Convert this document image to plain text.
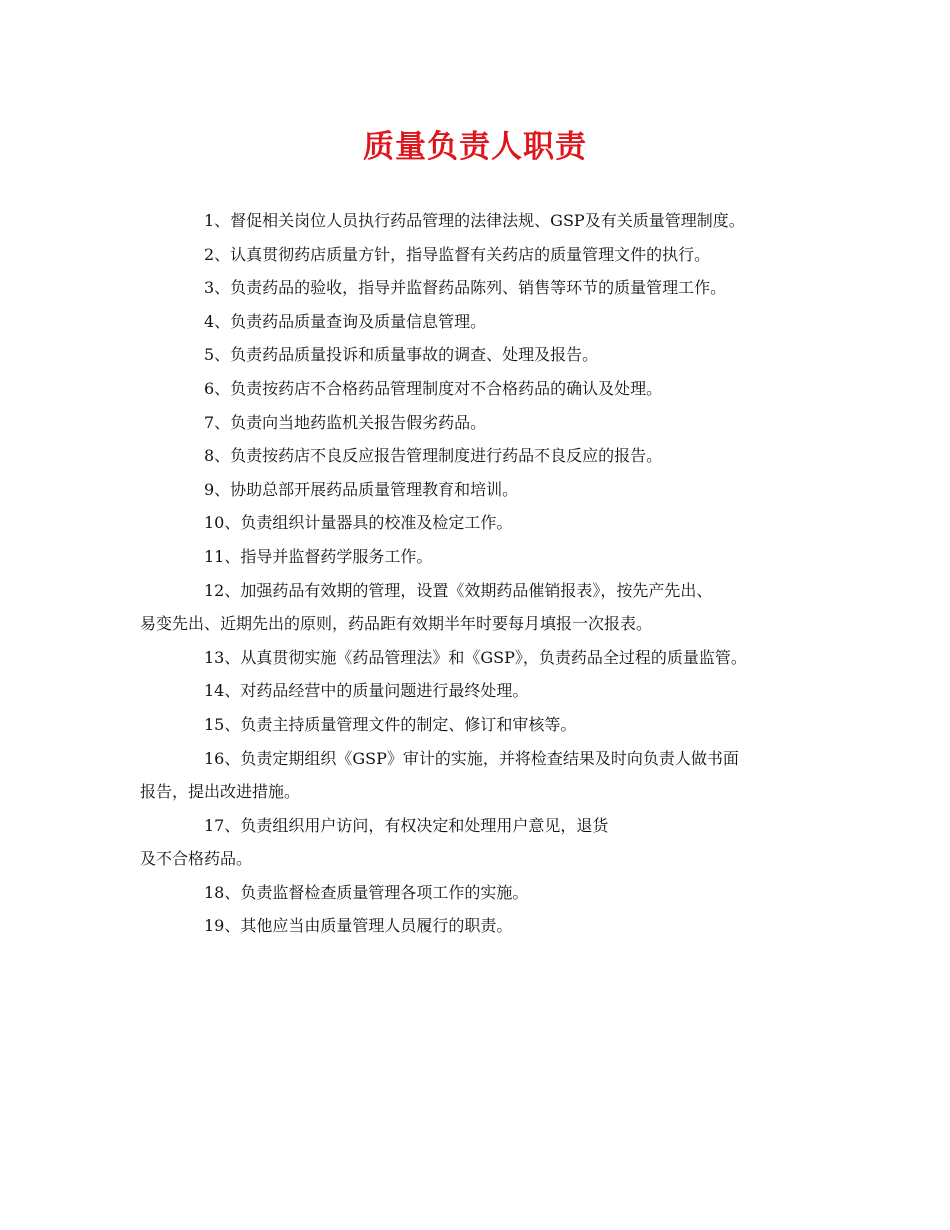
质量负责人职责
1、督促相关岗位人员执行药品管理的法律法规、GSP及有关质量管理制度。
2、认真贯彻药店质量方针，指导监督有关药店的质量管理文件的执行。
3、负责药品的验收，指导并监督药品陈列、销售等环节的质量管理工作。
4、负责药品质量查询及质量信息管理。
5、负责药品质量投诉和质量事故的调查、处理及报告。
6、负责按药店不合格药品管理制度对不合格药品的确认及处理。
7、负责向当地药监机关报告假劣药品。
8、负责按药店不良反应报告管理制度进行药品不良反应的报告。
9、协助总部开展药品质量管理教育和培训。
10、负责组织计量器具的校准及检定工作。
11、指导并监督药学服务工作。
12、加强药品有效期的管理，设置《效期药品催销报表》，按先产先出、
易变先出、近期先出的原则，药品距有效期半年时要每月填报一次报表。
13、从真贯彻实施《药品管理法》和《GSP》，负责药品全过程的质量监管。
14、对药品经营中的质量问题进行最终处理。
15、负责主持质量管理文件的制定、修订和审核等。
16、负责定期组织《GSP》审计的实施，并将检查结果及时向负责人做书面
报告，提出改进措施。
17、负责组织用户访问，有权决定和处理用户意见，退货
及不合格药品。
18、负责监督检查质量管理各项工作的实施。
19、其他应当由质量管理人员履行的职责。
